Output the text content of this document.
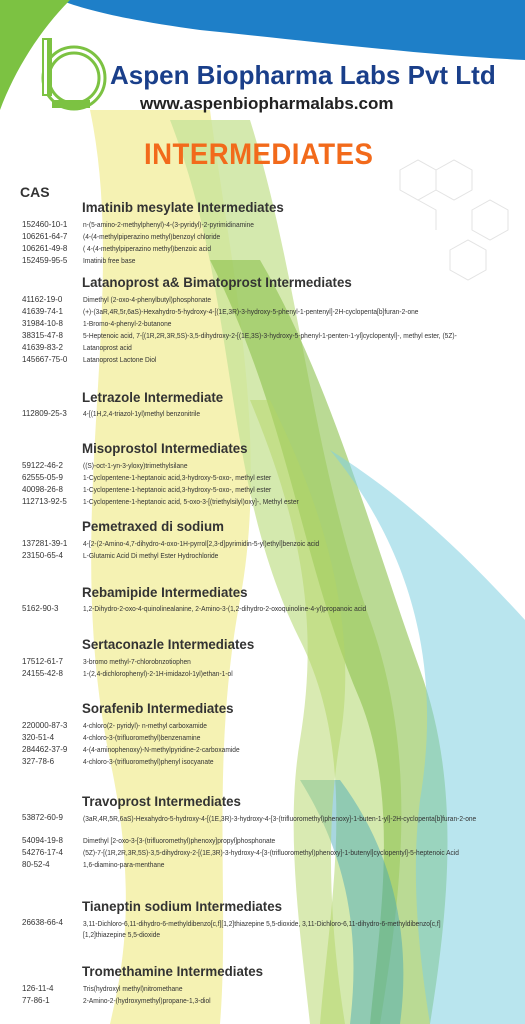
Aspen Biopharma Labs Pvt Ltd
www.aspenbiopharmalabs.com
INTERMEDIATES
CAS
Imatinib mesylate Intermediates
152460-10-1 n-(5-amino-2-methylphenyl)-4-(3-pyridyl)-2-pyrimidinamine
106261-64-7 (4-(4-methylpiperazino methyl)benzoyl chloride
106261-49-8 ( 4-(4-methylpiperazino methyl)benzoic acid
152459-95-5 Imatinib free base
Latanoprost a& Bimatoprost Intermediates
41162-19-0	Dimethyl (2-oxo-4-phenylbutyl)phosphonate
41639-74-1	(+)-(3aR,4R,5r,6aS)-Hexahydro-5-hydroxy-4-[(1E,3R)-3-hydroxy-5-phenyl-1-pentenyl]-2H-cyclopenta[b]furan-2-one
31984-10-8	1-Bromo-4-phenyl-2-butanone
38315-47-8	5-Heptenoic acid, 7-[(1R,2R,3R,5S)-3,5-dihydroxy-2-[(1E,3S)-3-hydroxy-5-phenyl-1-penten-1-yl]cyclopentyl]-, methyl ester, (5Z)-
41639-83-2	Latanoprost acid
145667-75-0 Latanoprost Lactone Diol
Letrazole Intermediate
112809-25-3 4-[(1H,2,4-triazol-1yl)methyl benzonitrile
Misoprostol Intermediates
59122-46-2	((S)-oct-1-yn-3-yloxy)trimethylsilane
62555-05-9	1-Cyclopentene-1-heptanoic acid,3-hydroxy-5-oxo-, methyl ester
40098-26-8	1-Cyclopentene-1-heptanoic acid,3-hydroxy-5-oxo-, methyl ester
112713-92-5 1-Cyclopentene-1-heptanoic acid, 5-oxo-3-[(triethylsilyl)oxy]-, Methyl ester
Pemetraxed di sodium
137281-39-1 4-[2-(2-Amino-4,7-dihydro-4-oxo-1H-pyrrol[2,3-d]pyrimidin-5-yl)ethyl]benzoic acid
23150-65-4	L-Glutamic Acid Di methyl Ester Hydrochloride
Rebamipide Intermediates
5162-90-3	1,2-Dihydro-2-oxo-4-quinolinealanine, 2-Amino-3-(1,2-dihydro-2-oxoquinoline-4-yl)propanoic acid
Sertaconazle Intermediates
17512-61-7	3-bromo methyl-7-chlorobnzotiophen
24155-42-8	1-(2,4-dichlorophenyl)-2-1H-imidazol-1yl)ethan-1-ol
Sorafenib Intermediates
220000-87-3 4-chloro(2- pyridyl)- n-methyl carboxamide
320-51-4	4-chloro-3-(trifluoromethyl)benzenamine
284462-37-9 4-(4-aminophenoxy)-N-methylpyridine-2-carboxamide
327-78-6	4-chloro-3-(trifluoromethyl)phenyl isocyanate
Travoprost Intermediates
53872-60-9	(3aR,4R,5R,6aS)-Hexahydro-5-hydroxy-4-[(1E,3R)-3-hydroxy-4-[3-(trifluoromethyl)phenoxy]-1-buten-1-yl]-2H-cyclopenta[b]furan-2-one
54094-19-8	Dimethyl [2-oxo-3-[3-(trifluoromethyl)phenoxy]propyl]phosphonate
54276-17-4	(5Z)-7-[(1R,2R,3R,5S)-3,5-dihydroxy-2-[(1E,3R)-3-hydroxy-4-[3-(trifluoromethyl)phenoxy]-1-butenyl]cyclopentyl]-5-heptenoic Acid
80-52-4	1,6-diamino-para-menthane
Tianeptin sodium Intermediates
26638-66-4	3,11-Dichloro-6,11-dihydro-6-methyldibenzo[c,f][1,2]thiazepine 5,5-dioxide, 3,11-Dichloro-6,11-dihydro-6-methyldibenzo[c,f][1,2]thiazepine 5,5-dioxide
Tromethamine Intermediates
126-11-4	Tris(hydroxyl methyl)nitromethane
77-86-1	2-Amino-2-(hydroxymethyl)propane-1,3-diol
